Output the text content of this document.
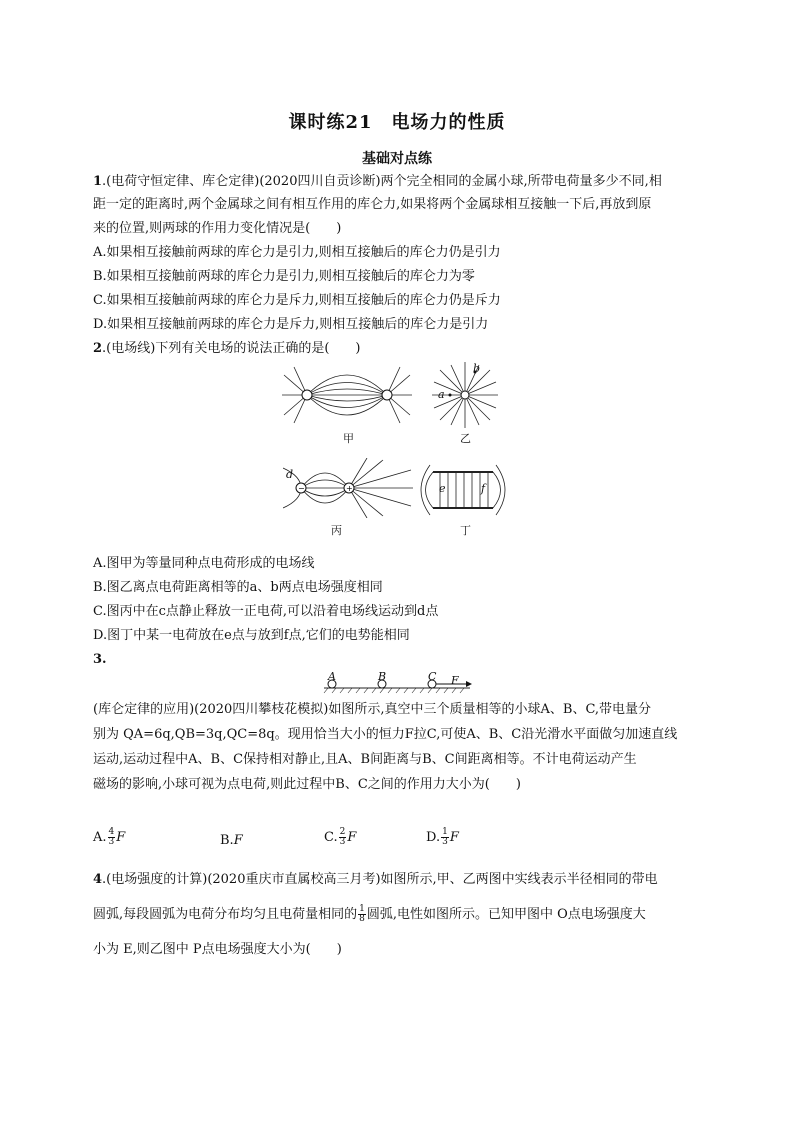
课时练21　电场力的性质
基础对点练
1.(电荷守恒定律、库仑定律)(2020四川自贡诊断)两个完全相同的金属小球,所带电荷量多少不同,相
距一定的距离时,两个金属球之间有相互作用的库仑力,如果将两个金属球相互接触一下后,再放到原
来的位置,则两球的作用力变化情况是(　　)
A.如果相互接触前两球的库仑力是引力,则相互接触后的库仑力仍是引力
B.如果相互接触前两球的库仑力是引力,则相互接触后的库仑力为零
C.如果相互接触前两球的库仑力是斥力,则相互接触后的库仑力仍是斥力
D.如果相互接触前两球的库仑力是斥力,则相互接触后的库仑力是引力
2.(电场线)下列有关电场的说法正确的是(　　)
甲
a
b
乙
−	+
d
丙
e	f
丁
A.图甲为等量同种点电荷形成的电场线
B.图乙离点电荷距离相等的a、b两点电场强度相同
C.图丙中在c点静止释放一正电荷,可以沿着电场线运动到d点
D.图丁中某一电荷放在e点与放到f点,它们的电势能相同
3.
A	B	C F
(库仑定律的应用)(2020四川攀枝花模拟)如图所示,真空中三个质量相等的小球A、B、C,带电量分
别为 QA=6q,QB=3q,QC=8q。现用恰当大小的恒力F拉C,可使A、B、C沿光滑水平面做匀加速直线
运动,运动过程中A、B、C保持相对静止,且A、B间距离与B、C间距离相等。不计电荷运动产生
磁场的影响,小球可视为点电荷,则此过程中B、C之间的作用力大小为(　　)
A. $\frac{4}{3}$ F	B.F	C. $\frac{2}{3}$ F	D. $\frac{1}{3}$ F
4.(电场强度的计算)(2020重庆市直属校高三月考)如图所示,甲、乙两图中实线表示半径相同的带电
圆弧,每段圆弧为电荷分布均匀且电荷量相同的 $\frac{1}{8}$ 圆弧,电性如图所示。已知甲图中 O点电场强度大
小为 E,则乙图中 P点电场强度大小为(　　)
